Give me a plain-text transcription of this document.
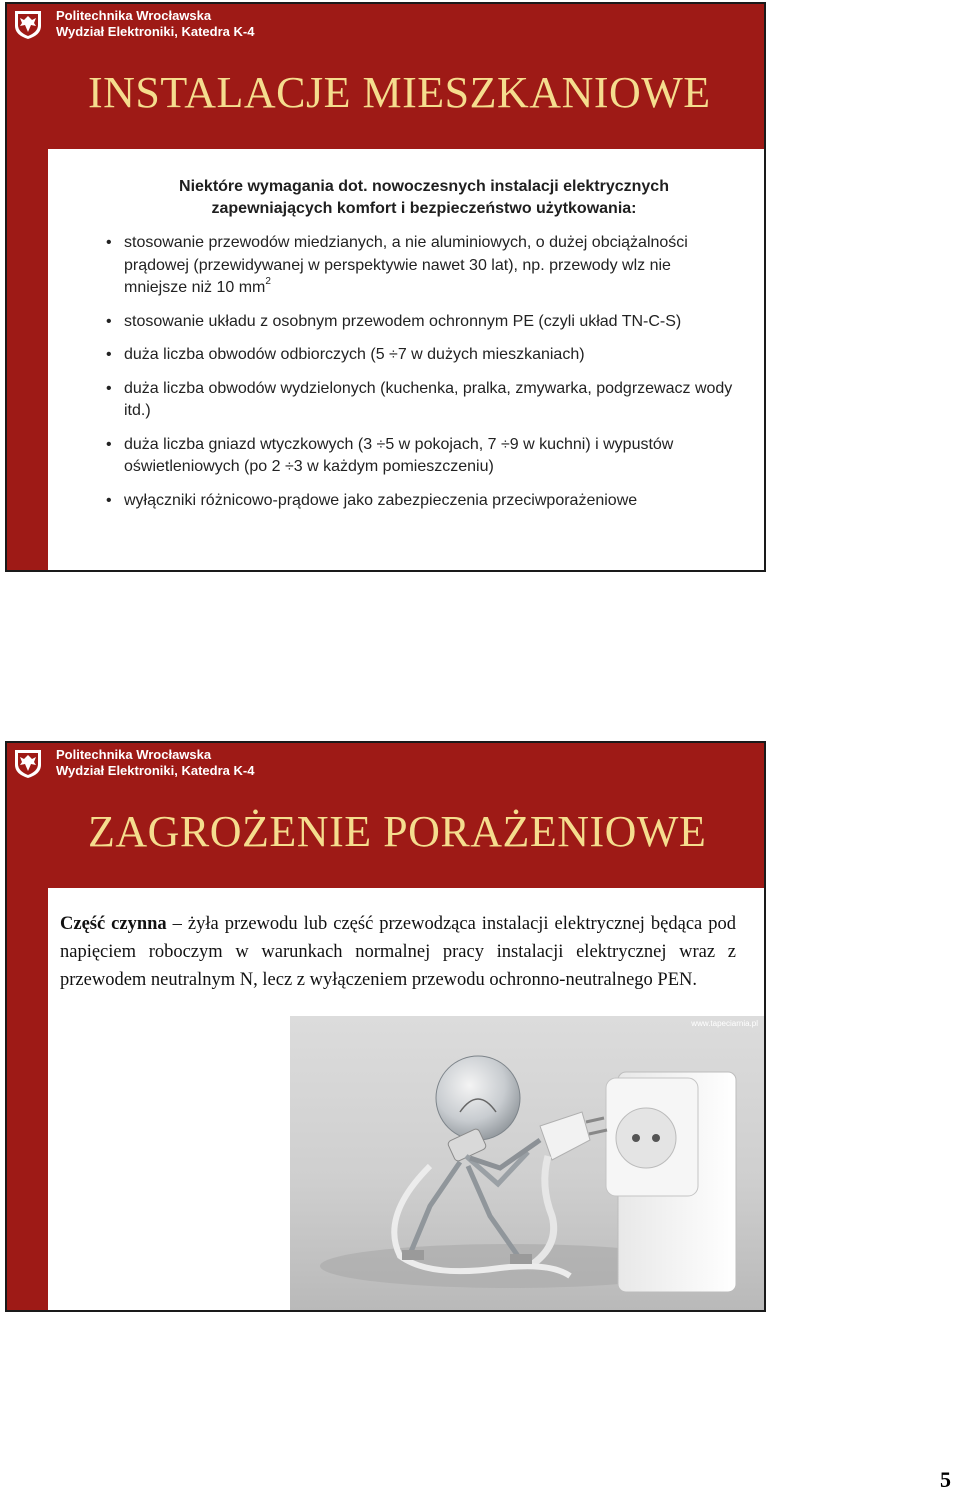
Politechnika Wrocławska
Wydział Elektroniki, Katedra K-4
INSTALACJE MIESZKANIOWE
Niektóre wymagania dot. nowoczesnych instalacji elektrycznych zapewniających komfort i bezpieczeństwo użytkowania:
• stosowanie przewodów miedzianych, a nie aluminiowych, o dużej obciążalności prądowej (przewidywanej w perspektywie nawet 30 lat), np. przewody wlz nie mniejsze niż 10 $mm^2$
• stosowanie układu z osobnym przewodem ochronnym PE (czyli układ TN-C-S)
• duża liczba obwodów odbiorczych (5 ÷7 w dużych mieszkaniach)
• duża liczba obwodów wydzielonych (kuchenka, pralka, zmywarka, podgrzewacz wody itd.)
• duża liczba gniazd wtyczkowych (3 ÷5 w pokojach, 7 ÷9 w kuchni) i wypustów oświetleniowych (po 2 ÷3 w każdym pomieszczeniu)
• wyłączniki różnicowo-prądowe jako zabezpieczenia przeciwporażeniowe
Politechnika Wrocławska
Wydział Elektroniki, Katedra K-4
ZAGROŻENIE PORAŻENIOWE
Część czynna – żyła przewodu lub część przewodząca instalacji elektrycznej będąca pod napięciem roboczym w warunkach normalnej pracy instalacji elektrycznej wraz z przewodem neutralnym N, lecz z wyłączeniem przewodu ochronno-neutralnego PEN.
www.tapeciarnia.pl
5
